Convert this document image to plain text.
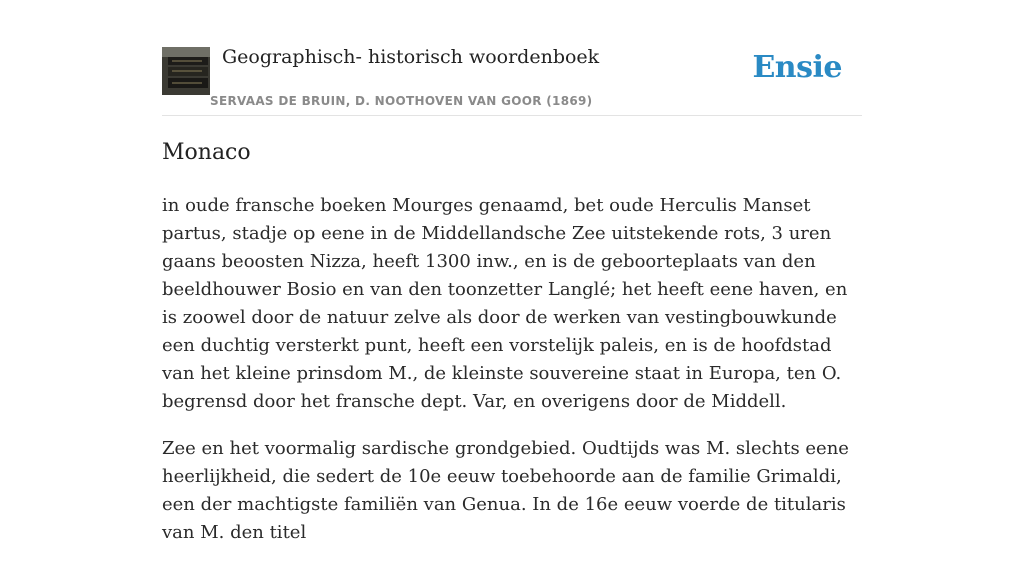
Geographisch- historisch woordenboek
SERVAAS DE BRUIN, D. NOOTHOVEN VAN GOOR (1869)
Ensie
Monaco

in oude fransche boeken Mourges genaamd, bet oude Herculis Manset partus, stadje op eene in de Middellandsche Zee uitstekende rots, 3 uren gaans beoosten Nizza, heeft 1300 inw., en is de geboorteplaats van den beeldhouwer Bosio en van den toonzetter Langlé; het heeft eene haven, en is zoowel door de natuur zelve als door de werken van vestingbouwkunde een duchtig versterkt punt, heeft een vorstelijk paleis, en is de hoofdstad van het kleine prinsdom M., de kleinste souvereine staat in Europa, ten O. begrensd door het fransche dept. Var, en overigens door de Middell.

Zee en het voormalig sardische grondgebied. Oudtijds was M. slechts eene heerlijkheid, die sedert de 10e eeuw toebehoorde aan de familie Grimaldi, een der machtigste familiën van Genua. In de 16e eeuw voerde de titularis van M. den titel
